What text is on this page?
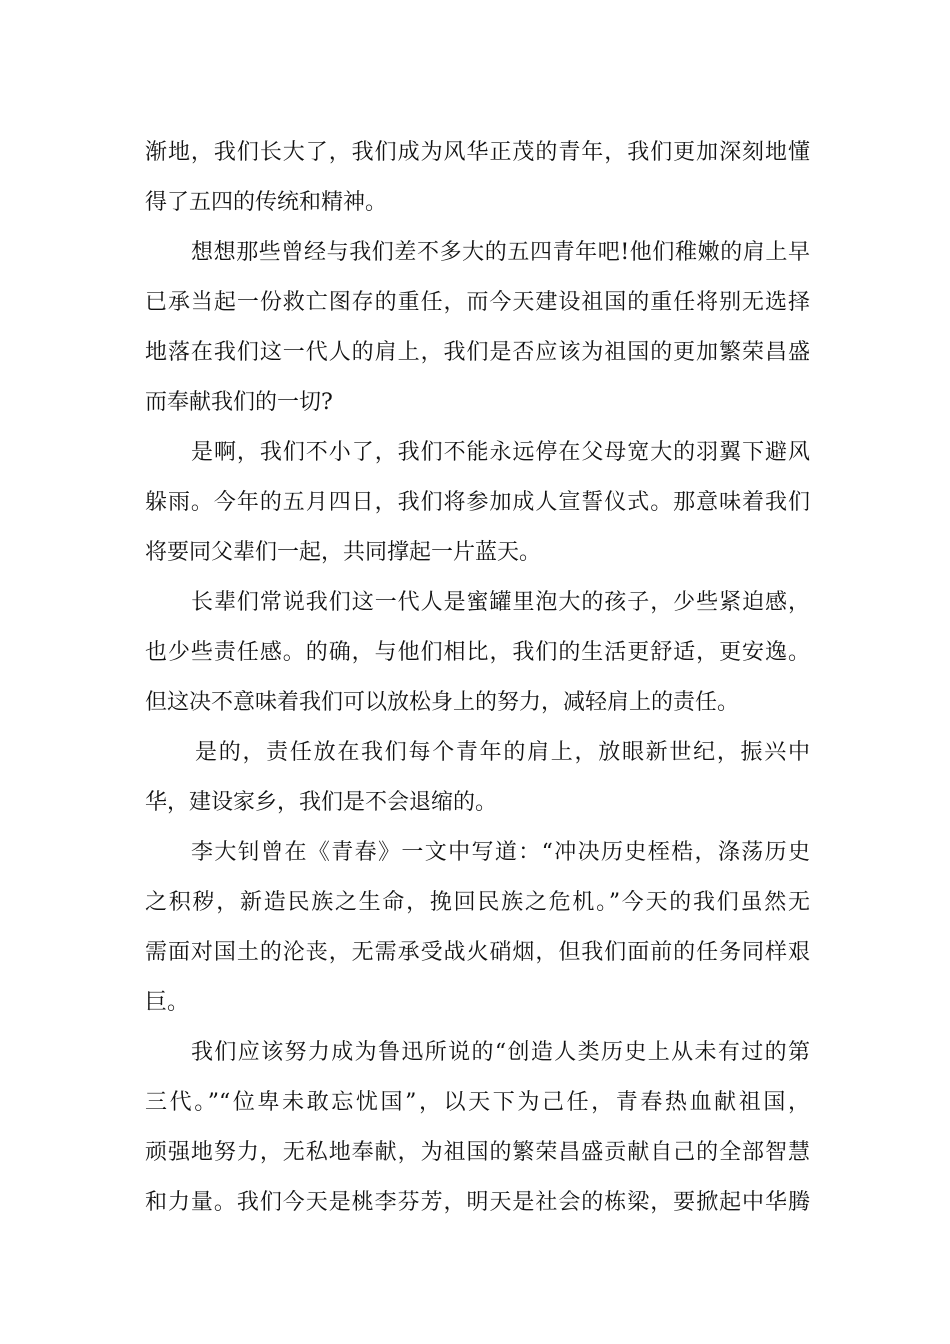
渐地，我们长大了，我们成为风华正茂的青年，我们更加深刻地懂
得了五四的传统和精神。

想想那些曾经与我们差不多大的五四青年吧!他们稚嫩的肩上早
已承当起一份救亡图存的重任，而今天建设祖国的重任将别无选择
地落在我们这一代人的肩上，我们是否应该为祖国的更加繁荣昌盛
而奉献我们的一切?

是啊，我们不小了，我们不能永远停在父母宽大的羽翼下避风
躲雨。今年的五月四日，我们将参加成人宣誓仪式。那意味着我们
将要同父辈们一起，共同撑起一片蓝天。

长辈们常说我们这一代人是蜜罐里泡大的孩子，少些紧迫感，
也少些责任感。的确，与他们相比，我们的生活更舒适，更安逸。
但这决不意味着我们可以放松身上的努力，减轻肩上的责任。

是的，责任放在我们每个青年的肩上，放眼新世纪，振兴中
华，建设家乡，我们是不会退缩的。

李大钊曾在《青春》一文中写道：“冲决历史桎梏，涤荡历史
之积秽，新造民族之生命，挽回民族之危机。”今天的我们虽然无
需面对国土的沦丧，无需承受战火硝烟，但我们面前的任务同样艰
巨。

我们应该努力成为鲁迅所说的“创造人类历史上从未有过的第
三代。”“位卑未敢忘忧国”，以天下为己任，青春热血献祖国，
顽强地努力，无私地奉献，为祖国的繁荣昌盛贡献自己的全部智慧
和力量。我们今天是桃李芬芳，明天是社会的栋梁，要掀起中华腾
